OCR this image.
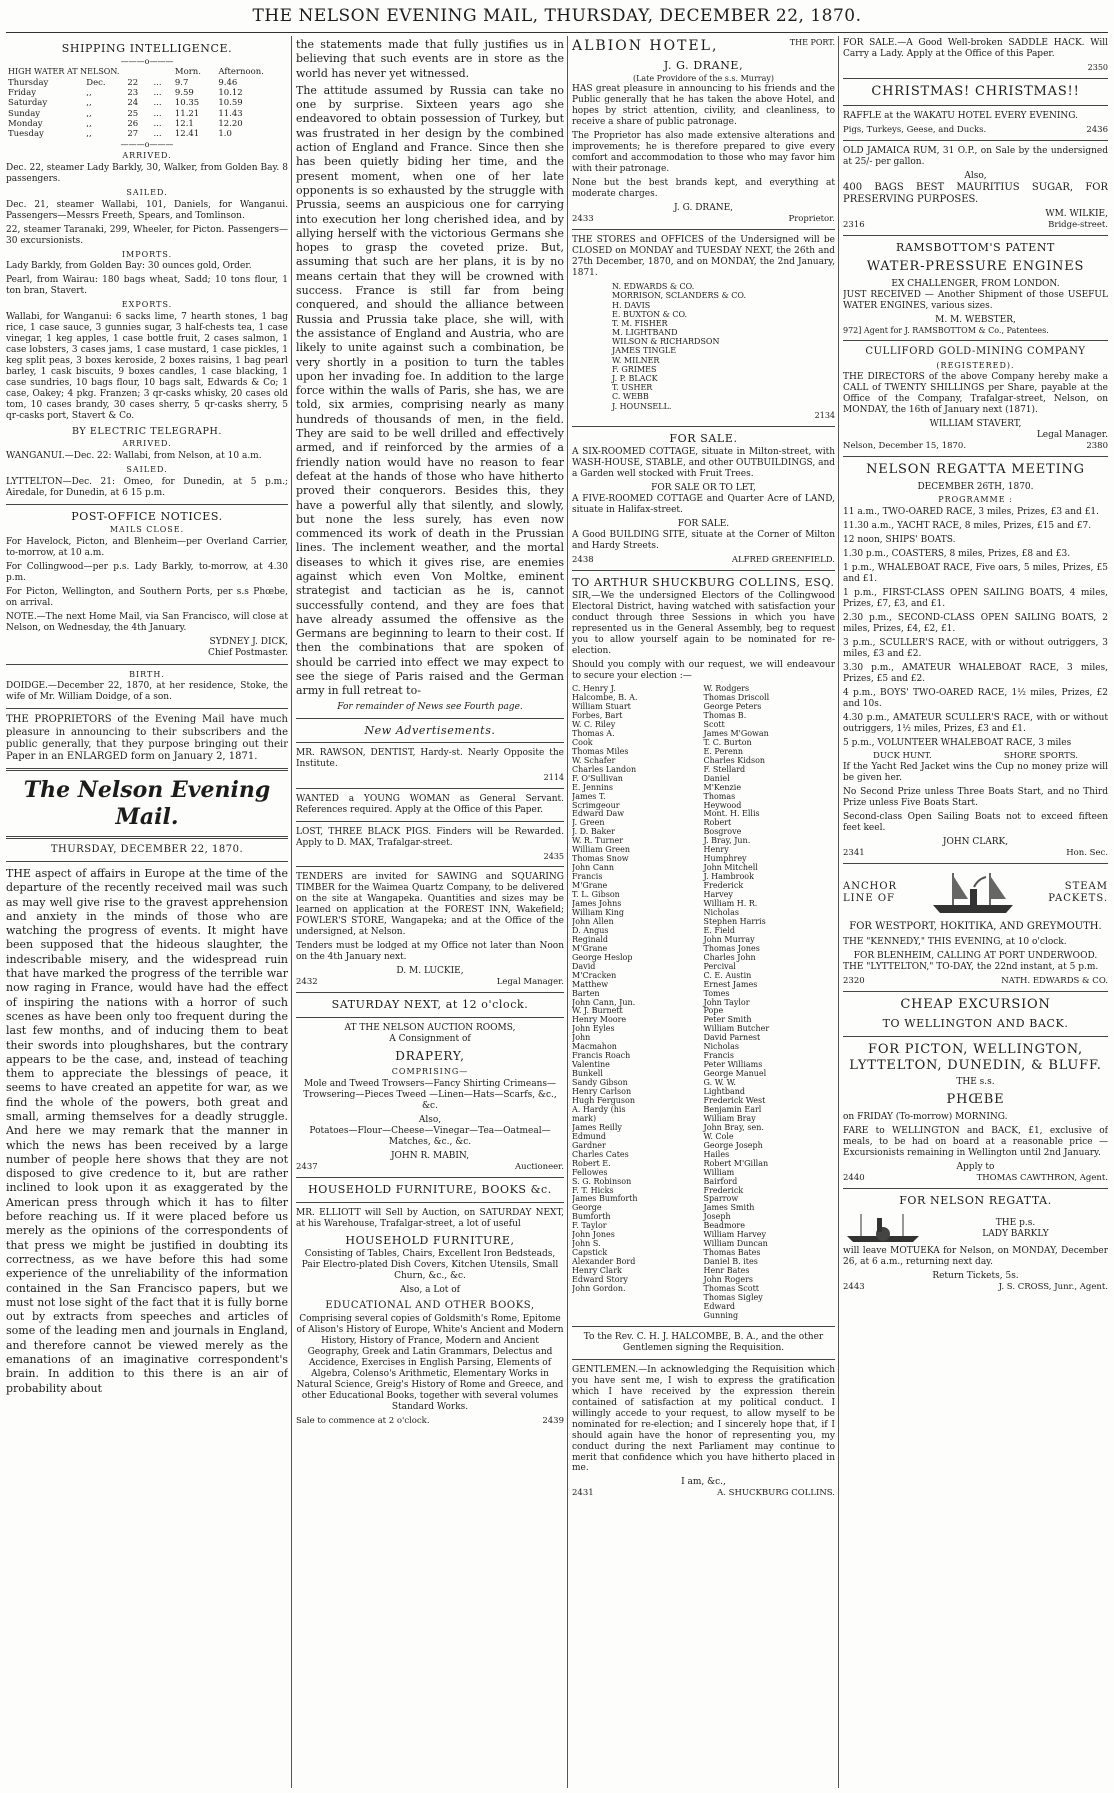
THE NELSON EVENING MAIL, THURSDAY, DECEMBER 22, 1870.
SHIPPING INTELLIGENCE.
———o———
HIGH WATER AT NELSON.				Morn.	Afternoon.
Thursday	Dec.	22	...	9.7	9.46
Friday	,,	23	...	9.59	10.12
Saturday	,,	24	...	10.35	10.59
Sunday	,,	25	...	11.21	11.43
Monday	,,	26	...	12.1	12.20
Tuesday	,,	27	...	12.41	1.0
———o———
ARRIVED.

Dec. 22, steamer Lady Barkly, 30, Walker, from Golden Bay. 8 passengers.

SAILED.

Dec. 21, steamer Wallabi, 101, Daniels, for Wanganui. Passengers—Messrs Freeth, Spears, and Tomlinson.

22, steamer Taranaki, 299, Wheeler, for Picton. Passengers—30 excursionists.

IMPORTS.

Lady Barkly, from Golden Bay: 30 ounces gold, Order.

Pearl, from Wairau: 180 bags wheat, Sadd; 10 tons flour, 1 ton bran, Stavert.

EXPORTS.

Wallabi, for Wanganui: 6 sacks lime, 7 hearth stones, 1 bag rice, 1 case sauce, 3 gunnies sugar, 3 half-chests tea, 1 case vinegar, 1 keg apples, 1 case bottle fruit, 2 cases salmon, 1 case lobsters, 3 cases jams, 1 case mustard, 1 case pickles, 1 keg split peas, 3 boxes keroside, 2 boxes raisins, 1 bag pearl barley, 1 cask biscuits, 9 boxes candles, 1 case blacking, 1 case sundries, 10 bags flour, 10 bags salt, Edwards & Co; 1 case, Oakey; 4 pkg. Franzen; 3 qr-casks whisky, 20 cases old tom, 10 cases brandy, 30 cases sherry, 5 qr-casks sherry, 5 qr-casks port, Stavert & Co.

BY ELECTRIC TELEGRAPH.
ARRIVED.

WANGANUI.—Dec. 22: Wallabi, from Nelson, at 10 a.m.

SAILED.

LYTTELTON—Dec. 21: Omeo, for Dunedin, at 5 p.m.; Airedale, for Dunedin, at 6 15 p.m.

POST-OFFICE NOTICES.
MAILS CLOSE.

For Havelock, Picton, and Blenheim—per Overland Carrier, to-morrow, at 10 a.m.

For Collingwood—per p.s. Lady Barkly, to-morrow, at 4.30 p.m.

For Picton, Wellington, and Southern Ports, per s.s Phœbe, on arrival.

NOTE.—The next Home Mail, via San Francisco, will close at Nelson, on Wednesday, the 4th January.

SYDNEY J. DICK,
Chief Postmaster.
BIRTH.

DOIDGE.—December 22, 1870, at her residence, Stoke, the wife of Mr. William Doidge, of a son.

THE PROPRIETORS of the Evening Mail have much pleasure in announcing to their subscribers and the public generally, that they purpose bringing out their Paper in an ENLARGED form on January 2, 1871.

The Nelson Evening Mail.
THURSDAY, DECEMBER 22, 1870.

THE aspect of affairs in Europe at the time of the departure of the recently received mail was such as may well give rise to the gravest apprehension and anxiety in the minds of those who are watching the progress of events. It might have been supposed that the hideous slaughter, the indescribable misery, and the widespread ruin that have marked the progress of the terrible war now raging in France, would have had the effect of inspiring the nations with a horror of such scenes as have been only too frequent during the last few months, and of inducing them to beat their swords into ploughshares, but the contrary appears to be the case, and, instead of teaching them to appreciate the blessings of peace, it seems to have created an appetite for war, as we find the whole of the powers, both great and small, arming themselves for a deadly struggle. And here we may remark that the manner in which the news has been received by a large number of people here shows that they are not disposed to give credence to it, but are rather inclined to look upon it as exaggerated by the American press through which it has to filter before reaching us. If it were placed before us merely as the opinions of the correspondents of that press we might be justified in doubting its correctness, as we have before this had some experience of the unreliability of the information contained in the San Francisco papers, but we must not lose sight of the fact that it is fully borne out by extracts from speeches and articles of some of the leading men and journals in England, and therefore cannot be viewed merely as the emanations of an imaginative correspondent's brain. In addition to this there is an air of probability about

the statements made that fully justifies us in believing that such events are in store as the world has never yet witnessed.

The attitude assumed by Russia can take no one by surprise. Sixteen years ago she endeavored to obtain possession of Turkey, but was frustrated in her design by the combined action of England and France. Since then she has been quietly biding her time, and the present moment, when one of her late opponents is so exhausted by the struggle with Prussia, seems an auspicious one for carrying into execution her long cherished idea, and by allying herself with the victorious Germans she hopes to grasp the coveted prize. But, assuming that such are her plans, it is by no means certain that they will be crowned with success. France is still far from being conquered, and should the alliance between Russia and Prussia take place, she will, with the assistance of England and Austria, who are likely to unite against such a combination, be very shortly in a position to turn the tables upon her invading foe. In addition to the large force within the walls of Paris, she has, we are told, six armies, comprising nearly as many hundreds of thousands of men, in the field. They are said to be well drilled and effectively armed, and if reinforced by the armies of a friendly nation would have no reason to fear defeat at the hands of those who have hitherto proved their conquerors. Besides this, they have a powerful ally that silently, and slowly, but none the less surely, has even now commenced its work of death in the Prussian lines. The inclement weather, and the mortal diseases to which it gives rise, are enemies against which even Von Moltke, eminent strategist and tactician as he is, cannot successfully contend, and they are foes that have already assumed the offensive as the Germans are beginning to learn to their cost. If then the combinations that are spoken of should be carried into effect we may expect to see the siege of Paris raised and the German army in full retreat to-

For remainder of News see Fourth page.
New Advertisements.

MR. RAWSON, DENTIST, Hardy-st. Nearly Opposite the Institute.

2114

WANTED a YOUNG WOMAN as General Servant. References required. Apply at the Office of this Paper.

LOST, THREE BLACK PIGS. Finders will be Rewarded. Apply to D. MAX, Trafalgar-street.

2435

TENDERS are invited for SAWING and SQUARING TIMBER for the Waimea Quartz Company, to be delivered on the site at Wangapeka. Quantities and sizes may be learned on application at the FOREST INN, Wakefield; FOWLER'S STORE, Wangapeka; and at the Office of the undersigned, at Nelson.

Tenders must be lodged at my Office not later than Noon on the 4th January next.

D. M. LUCKIE,
2432	Legal Manager.
SATURDAY NEXT, at 12 o'clock.
AT THE NELSON AUCTION ROOMS,
A Consignment of
DRAPERY,
COMPRISING—

Mole and Tweed Trowsers—Fancy Shirting Crimeans—Trowsering—Pieces Tweed —Linen—Hats—Scarfs, &c., &c.

Also,

Potatoes—Flour—Cheese—Vinegar—Tea—Oatmeal—Matches, &c., &c.

JOHN R. MABIN,
2437	Auctioneer.
HOUSEHOLD FURNITURE, BOOKS &c.

MR. ELLIOTT will Sell by Auction, on SATURDAY NEXT, at his Warehouse, Trafalgar-street, a lot of useful

HOUSEHOLD FURNITURE,

Consisting of Tables, Chairs, Excellent Iron Bedsteads, Pair Electro-plated Dish Covers, Kitchen Utensils, Small Churn, &c., &c.

Also, a Lot of
EDUCATIONAL AND OTHER BOOKS,

Comprising several copies of Goldsmith's Rome, Epitome of Alison's History of Europe, White's Ancient and Modern History, History of France, Modern and Ancient Geography, Greek and Latin Grammars, Delectus and Accidence, Exercises in English Parsing, Elements of Algebra, Colenso's Arithmetic, Elementary Works in Natural Science, Greig's History of Rome and Greece, and other Educational Books, together with several volumes Standard Works.

Sale to commence at 2 o'clock.	2439
ALBION HOTEL,	THE PORT.
J. G. DRANE,
(Late Providore of the s.s. Murray)

HAS great pleasure in announcing to his friends and the Public generally that he has taken the above Hotel, and hopes by strict attention, civility, and cleanliness, to receive a share of public patronage.

The Proprietor has also made extensive alterations and improvements; he is therefore prepared to give every comfort and accommodation to those who may favor him with their patronage.

None but the best brands kept, and everything at moderate charges.

J. G. DRANE,
2433	Proprietor.

THE STORES and OFFICES of the Undersigned will be CLOSED on MONDAY and TUESDAY NEXT, the 26th and 27th December, 1870, and on MONDAY, the 2nd January, 1871.

N. EDWARDS & CO.
MORRISON, SCLANDERS & CO.
H. DAVIS
E. BUXTON & CO.
T. M. FISHER
M. LIGHTBAND
WILSON & RICHARDSON
JAMES TINGLE
W. MILNER
F. GRIMES
J. P. BLACK
T. USHER
C. WEBB
J. HOUNSELL.
2134
FOR SALE.

A SIX-ROOMED COTTAGE, situate in Milton-street, with WASH-HOUSE, STABLE, and other OUTBUILDINGS, and a Garden well stocked with Fruit Trees.

FOR SALE OR TO LET,

A FIVE-ROOMED COTTAGE and Quarter Acre of LAND, situate in Halifax-street.

FOR SALE.

A Good BUILDING SITE, situate at the Corner of Milton and Hardy Streets.

2438	ALFRED GREENFIELD.
TO ARTHUR SHUCKBURG COLLINS, ESQ.

SIR,—We the undersigned Electors of the Collingwood Electoral District, having watched with satisfaction your conduct through three Sessions in which you have represented us in the General Assembly, beg to request you to allow yourself again to be nominated for re-election.

Should you comply with our request, we will endeavour to secure your election :—

C. Henry J. Halcombe, B. A.
William Stuart Forbes, Bart
W. C. Riley
Thomas A. Cook
Thomas Miles
W. Schafer
Charles Landon
F. O'Sullivan
E. Jennins
James T. Scrimgeour
Edward Daw
J. Green
J. D. Baker
W. R. Turner
William Green
Thomas Snow
John Cann
Francis M'Grane
T. L. Gibson
James Johns
William King
John Allen
D. Angus
Reginald M'Grane
George Heslop
David M'Cracken
Matthew Barten
John Cann, Jun.
W. J. Burnett
Henry Moore
John Eyles
John Macmahon
Francis Roach
Valentine Bunkell
Sandy Gibson
Henry Carlson
Hugh Ferguson
A. Hardy (his mark)
James Reilly
Edmund Gardner
Charles Cates
Robert E. Fellowes
S. G. Robinson
F. T. Hicks
James Bumforth
George Bumforth
F. Taylor
John Jones
John S. Capstick
Alexander Bord
Henry Clark
Edward Story
John Gordon.
W. Rodgers
Thomas Driscoll
George Peters
Thomas B. Scott
James M'Gowan
T. C. Burton
E. Perenn
Charles Kidson
F. Stellard
Daniel M'Kenzie
Thomas Heywood
Mont. H. Ellis
Robert Bosgrove
J. Bray, Jun.
Henry Humphrey
John Mitchell
J. Hambrook
Frederick Harvey
William H. R. Nicholas
Stephen Harris
E. Field
John Murray
Thomas Jones
Charles John Percival
C. E. Austin
Ernest James Tomes
John Taylor Pope
Peter Smith
William Butcher
David Parnest
Nicholas Francis
Peter Williams
George Manuel
G. W. W. Lightband
Frederick West
Benjamin Earl
William Bray
John Bray, sen.
W. Cole
George Joseph Hailes
Robert M'Gillan
William Bairford
Frederick Sparrow
James Smith
Joseph Beadmore
William Harvey
William Duncan
Thomas Bates
Daniel B. ites
Henr Bates
John Rogers
Thomas Scott
Thomas Sigley
Edward Gunning

To the Rev. C. H. J. HALCOMBE, B. A., and the other Gentlemen signing the Requisition.

GENTLEMEN.—In acknowledging the Requisition which you have sent me, I wish to express the gratification which I have received by the expression therein contained of satisfaction at my political conduct. I willingly accede to your request, to allow myself to be nominated for re-election; and I sincerely hope that, if I should again have the honor of representing you, my conduct during the next Parliament may continue to merit that confidence which you have hitherto placed in me.

I am, &c.,
2431	A. SHUCKBURG COLLINS.

FOR SALE.—A Good Well-broken SADDLE HACK. Will Carry a Lady. Apply at the Office of this Paper.

2350
CHRISTMAS! CHRISTMAS!!

RAFFLE at the WAKATU HOTEL EVERY EVENING.

Pigs, Turkeys, Geese, and Ducks.	2436

OLD JAMAICA RUM, 31 O.P., on Sale by the undersigned at 25/- per gallon.

Also,

400 BAGS BEST MAURITIUS SUGAR, FOR PRESERVING PURPOSES.

WM. WILKIE,
2316	Bridge-street.
RAMSBOTTOM'S PATENT
WATER-PRESSURE ENGINES
EX CHALLENGER, FROM LONDON.

JUST RECEIVED — Another Shipment of those USEFUL WATER ENGINES, various sizes.

M. M. WEBSTER,
972] Agent for J. RAMSBOTTOM & Co., Patentees.
CULLIFORD GOLD-MINING COMPANY
(REGISTERED).

THE DIRECTORS of the above Company hereby make a CALL of TWENTY SHILLINGS per Share, payable at the Office of the Company, Trafalgar-street, Nelson, on MONDAY, the 16th of January next (1871).

WILLIAM STAVERT,
Legal Manager.
Nelson, December 15, 1870.	2380
NELSON REGATTA MEETING
DECEMBER 26TH, 1870.
PROGRAMME :

11 a.m., TWO-OARED RACE, 3 miles, Prizes, £3 and £1.

11.30 a.m., YACHT RACE, 8 miles, Prizes, £15 and £7.

12 noon, SHIPS' BOATS.

1.30 p.m., COASTERS, 8 miles, Prizes, £8 and £3.

1 p.m., WHALEBOAT RACE, Five oars, 5 miles, Prizes, £5 and £1.

1 p.m., FIRST-CLASS OPEN SAILING BOATS, 4 miles, Prizes, £7, £3, and £1.

2.30 p.m., SECOND-CLASS OPEN SAILING BOATS, 2 miles, Prizes, £4, £2, £1.

3 p.m., SCULLER'S RACE, with or without outriggers, 3 miles, £3 and £2.

3.30 p.m., AMATEUR WHALEBOAT RACE, 3 miles, Prizes, £5 and £2.

4 p.m., BOYS' TWO-OARED RACE, 1½ miles, Prizes, £2 and 10s.

4.30 p.m., AMATEUR SCULLER'S RACE, with or without outriggers, 1½ miles, Prizes, £3 and £1.

5 p.m., VOLUNTEER WHALEBOAT RACE, 3 miles

DUCK HUNT.	SHORE SPORTS.

If the Yacht Red Jacket wins the Cup no money prize will be given her.

No Second Prize unless Three Boats Start, and no Third Prize unless Five Boats Start.

Second-class Open Sailing Boats not to exceed fifteen feet keel.

JOHN CLARK,
2341	Hon. Sec.
ANCHOR
LINE OF
STEAM
PACKETS.
FOR WESTPORT, HOKITIKA, AND GREYMOUTH.

THE "KENNEDY," THIS EVENING, at 10 o'clock.

FOR BLENHEIM, CALLING AT PORT UNDERWOOD.

THE "LYTTELTON," TO-DAY, the 22nd instant, at 5 p.m.

2320	NATH. EDWARDS & CO.
CHEAP EXCURSION
TO WELLINGTON AND BACK.
FOR PICTON, WELLINGTON, LYTTELTON, DUNEDIN, & BLUFF.
THE s.s.
PHŒBE

on FRIDAY (To-morrow) MORNING.

FARE to WELLINGTON and BACK, £1, exclusive of meals, to be had on board at a reasonable price — Excursionists remaining in Wellington until 2nd January.

Apply to
2440	THOMAS CAWTHRON, Agent.
FOR NELSON REGATTA.
THE p.s.
LADY BARKLY

will leave MOTUEKA for Nelson, on MONDAY, December 26, at 6 a.m., returning next day.

Return Tickets, 5s.
2443	J. S. CROSS, Junr., Agent.
